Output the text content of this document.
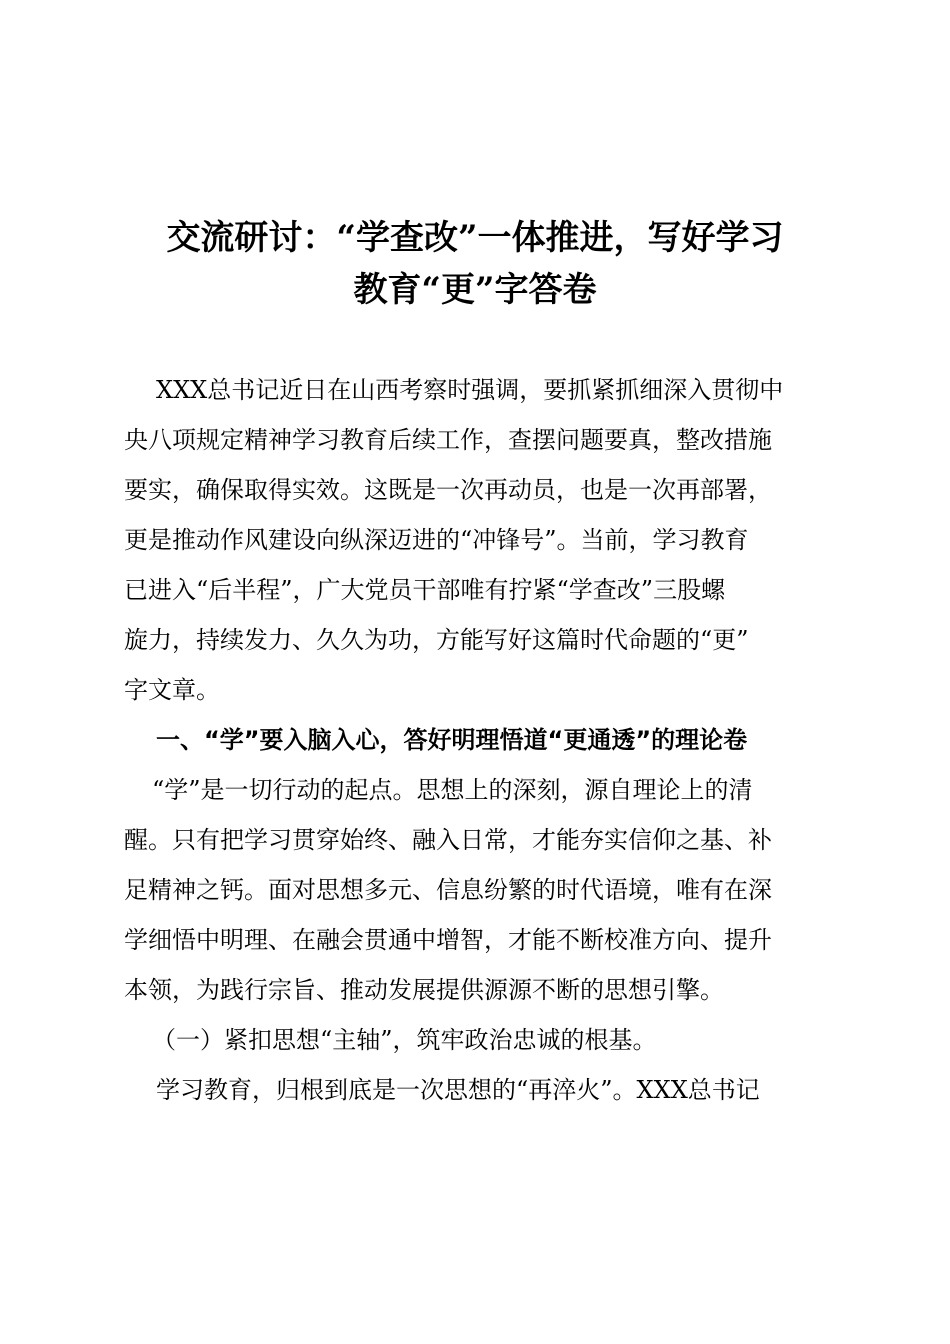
交流研讨：“学查改”一体推进，写好学习
教育“更”字答卷

XXX总书记近日在山西考察时强调，要抓紧抓细深入贯彻中

央八项规定精神学习教育后续工作，查摆问题要真，整改措施

要实，确保取得实效。这既是一次再动员，也是一次再部署，

更是推动作风建设向纵深迈进的“冲锋号”。当前，学习教育

已进入“后半程”，广大党员干部唯有拧紧“学查改”三股螺

旋力，持续发力、久久为功，方能写好这篇时代命题的“更”

字文章。

一、“学”要入脑入心，答好明理悟道“更通透”的理论卷

“学”是一切行动的起点。思想上的深刻，源自理论上的清

醒。只有把学习贯穿始终、融入日常，才能夯实信仰之基、补

足精神之钙。面对思想多元、信息纷繁的时代语境，唯有在深

学细悟中明理、在融会贯通中增智，才能不断校准方向、提升

本领，为践行宗旨、推动发展提供源源不断的思想引擎。

（一）紧扣思想“主轴”，筑牢政治忠诚的根基。

学习教育，归根到底是一次思想的“再淬火”。XXX总书记
